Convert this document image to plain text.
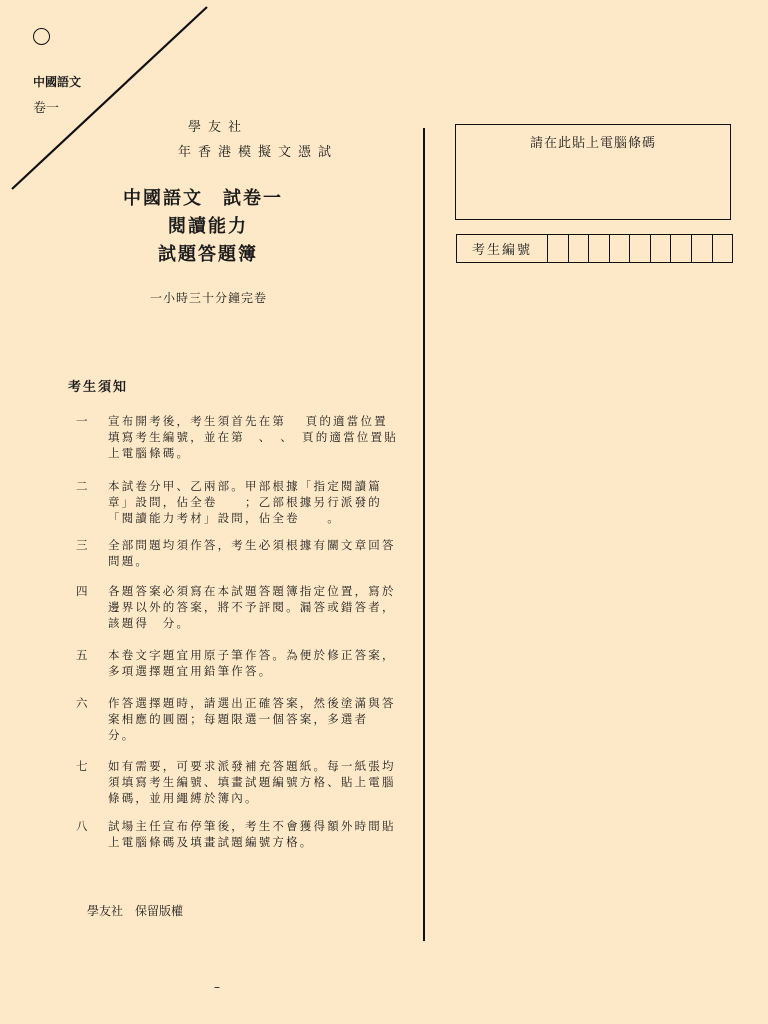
中國語文
卷一
學友社
年香港模擬文憑試
中國語文　試卷一
閱讀能力
試題答題簿
一小時三十分鐘完卷
考生須知
一 宣布開考後，考生須首先在第　 頁的適當位置填寫考生編號，並在第　、　、　頁的適當位置貼上電腦條碼。
二 本試卷分甲、乙兩部。甲部根據「指定閱讀篇章」設問，佔全卷　　；乙部根據另行派發的「閱讀能力考材」設問，佔全卷　　。
三 全部問題均須作答，考生必須根據有關文章回答問題。
四 各題答案必須寫在本試題答題簿指定位置，寫於邊界以外的答案，將不予評閱。漏答或錯答者，該題得　分。
五 本卷文字題宜用原子筆作答。為便於修正答案，多項選擇題宜用鉛筆作答。
六 作答選擇題時，請選出正確答案，然後塗滿與答案相應的圓圈；每題限選一個答案，多選者　分。
七 如有需要，可要求派發補充答題紙。每一紙張均須填寫考生編號、填畫試題編號方格、貼上電腦條碼，並用繩縛於簿內。
八 試場主任宣布停筆後，考生不會獲得額外時間貼上電腦條碼及填畫試題編號方格。
學友社　保留版權
–
請在此貼上電腦條碼
考生編號
